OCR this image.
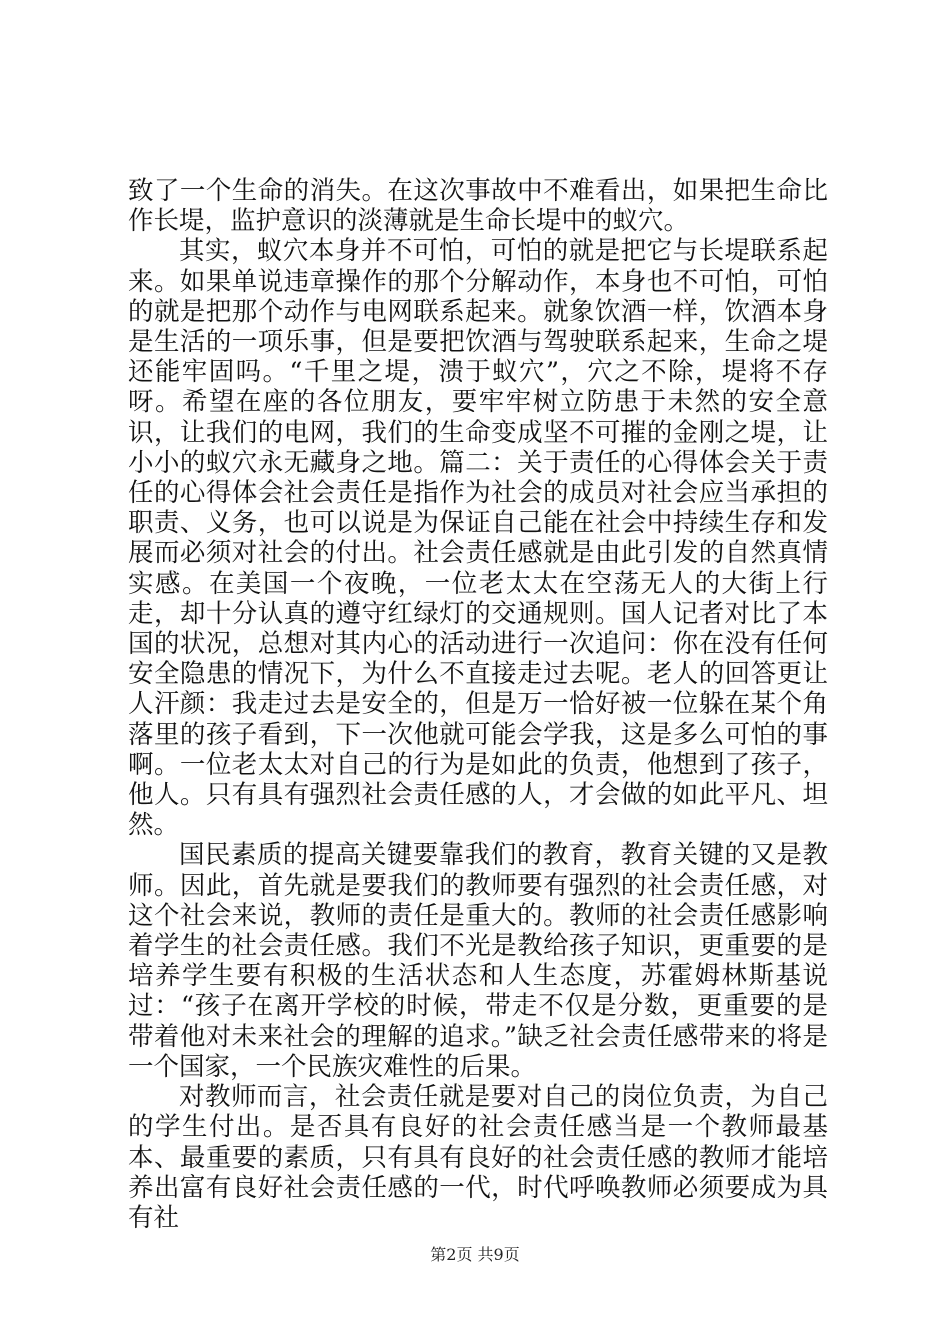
致了一个生命的消失。在这次事故中不难看出，如果把生命比作长堤，监护意识的淡薄就是生命长堤中的蚁穴。

其实，蚁穴本身并不可怕，可怕的就是把它与长堤联系起来。如果单说违章操作的那个分解动作，本身也不可怕，可怕的就是把那个动作与电网联系起来。就象饮酒一样，饮酒本身是生活的一项乐事，但是要把饮酒与驾驶联系起来，生命之堤还能牢固吗。“千里之堤，溃于蚁穴”，穴之不除，堤将不存呀。希望在座的各位朋友，要牢牢树立防患于未然的安全意识，让我们的电网，我们的生命变成坚不可摧的金刚之堤，让小小的蚁穴永无藏身之地。篇二：关于责任的心得体会关于责任的心得体会社会责任是指作为社会的成员对社会应当承担的职责、义务，也可以说是为保证自己能在社会中持续生存和发展而必须对社会的付出。社会责任感就是由此引发的自然真情实感。在美国一个夜晚，一位老太太在空荡无人的大街上行走，却十分认真的遵守红绿灯的交通规则。国人记者对比了本国的状况，总想对其内心的活动进行一次追问：你在没有任何安全隐患的情况下，为什么不直接走过去呢。老人的回答更让人汗颜：我走过去是安全的，但是万一恰好被一位躲在某个角落里的孩子看到，下一次他就可能会学我，这是多么可怕的事啊。一位老太太对自己的行为是如此的负责，他想到了孩子，他人。只有具有强烈社会责任感的人，才会做的如此平凡、坦然。

国民素质的提高关键要靠我们的教育，教育关键的又是教师。因此，首先就是要我们的教师要有强烈的社会责任感，对这个社会来说，教师的责任是重大的。教师的社会责任感影响着学生的社会责任感。我们不光是教给孩子知识，更重要的是培养学生要有积极的生活状态和人生态度，苏霍姆林斯基说过：“孩子在离开学校的时候，带走不仅是分数，更重要的是带着他对未来社会的理解的追求。”缺乏社会责任感带来的将是一个国家，一个民族灾难性的后果。

对教师而言，社会责任就是要对自己的岗位负责，为自己的学生付出。是否具有良好的社会责任感当是一个教师最基本、最重要的素质，只有具有良好的社会责任感的教师才能培养出富有良好社会责任感的一代，时代呼唤教师必须要成为具有社

第2页 共9页
